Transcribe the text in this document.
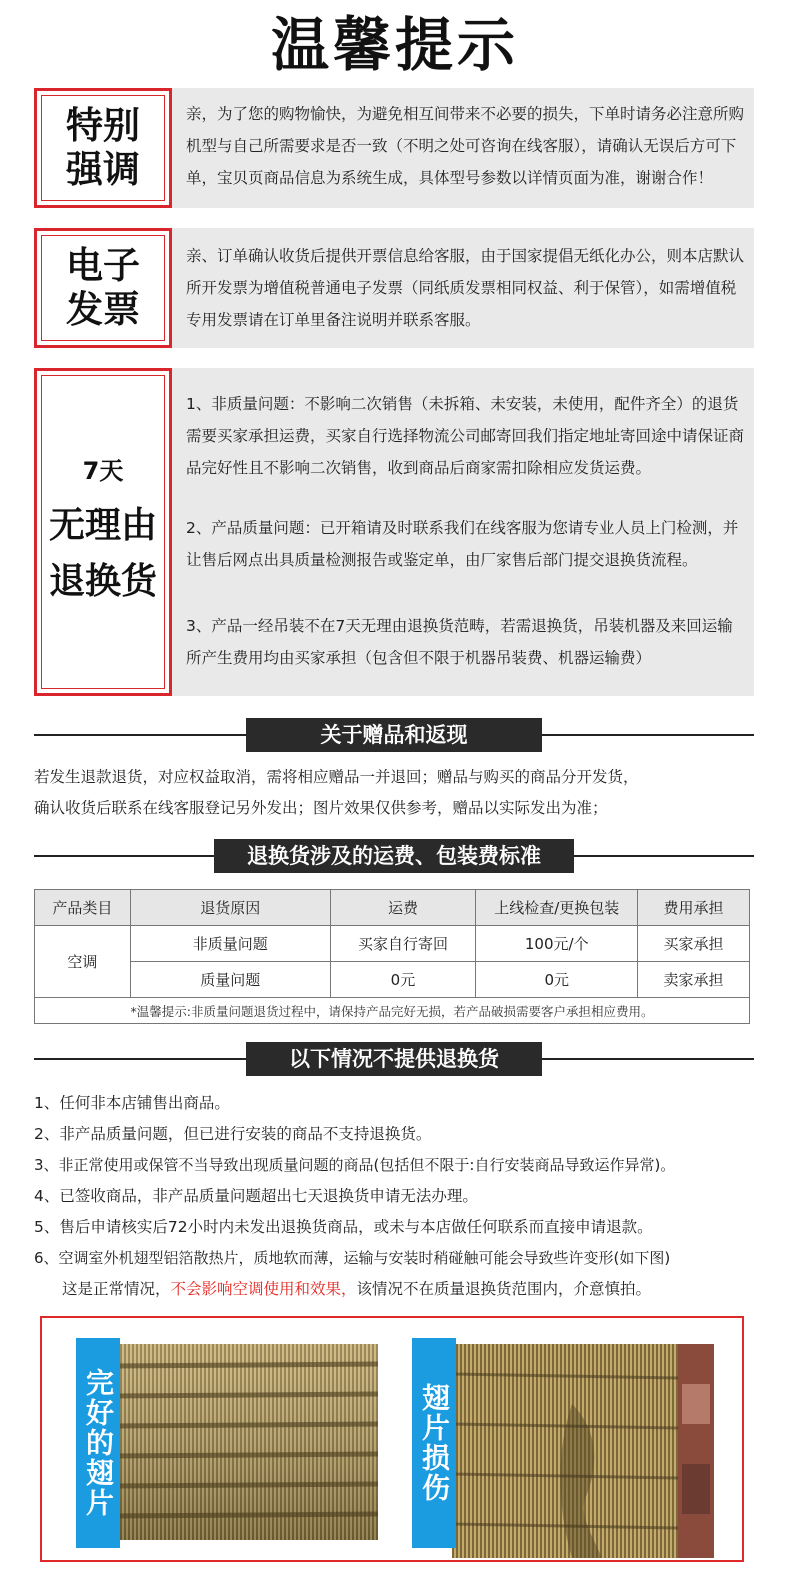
温馨提示
特别
强调
亲，为了您的购物愉快，为避免相互间带来不必要的损失，下单时请务必注意所购机型与自己所需要求是否一致（不明之处可咨询在线客服），请确认无误后方可下单，宝贝页商品信息为系统生成，具体型号参数以详情页面为准，谢谢合作！
电子
发票
亲、订单确认收货后提供开票信息给客服，由于国家提倡无纸化办公，则本店默认所开发票为增值税普通电子发票（同纸质发票相同权益、利于保管），如需增值税专用发票请在订单里备注说明并联系客服。
7天
无理由
退换货
1、非质量问题：不影响二次销售（未拆箱、未安装，未使用，配件齐全）的退货需要买家承担运费，买家自行选择物流公司邮寄回我们指定地址寄回途中请保证商品完好性且不影响二次销售，收到商品后商家需扣除相应发货运费。
2、产品质量问题：已开箱请及时联系我们在线客服为您请专业人员上门检测，并让售后网点出具质量检测报告或鉴定单，由厂家售后部门提交退换货流程。
3、产品一经吊装不在7天无理由退换货范畴，若需退换货，吊装机器及来回运输所产生费用均由买家承担（包含但不限于机器吊装费、机器运输费）
关于赠品和返现
若发生退款退货，对应权益取消，需将相应赠品一并退回；赠品与购买的商品分开发货，
确认收货后联系在线客服登记另外发出；图片效果仅供参考，赠品以实际发出为准；
退换货涉及的运费、包装费标准
产品类目	退货原因	运费	上线检查/更换包装	费用承担
空调	非质量问题	买家自行寄回	100元/个	买家承担
	质量问题	0元	0元	卖家承担
*温馨提示:非质量问题退货过程中，请保持产品完好无损，若产品破损需要客户承担相应费用。				
以下情况不提供退换货
1、任何非本店铺售出商品。
2、非产品质量问题，但已进行安装的商品不支持退换货。
3、非正常使用或保管不当导致出现质量问题的商品(包括但不限于:自行安装商品导致运作异常)。
4、已签收商品，非产品质量问题超出七天退换货申请无法办理。
5、售后申请核实后72小时内未发出退换货商品，或未与本店做任何联系而直接申请退款。
6、空调室外机翅型铝箔散热片，质地软而薄，运输与安装时稍碰触可能会导致些许变形(如下图)
这是正常情况，不会影响空调使用和效果，该情况不在质量退换货范围内，介意慎拍。
完好的翅片	翅片损伤
